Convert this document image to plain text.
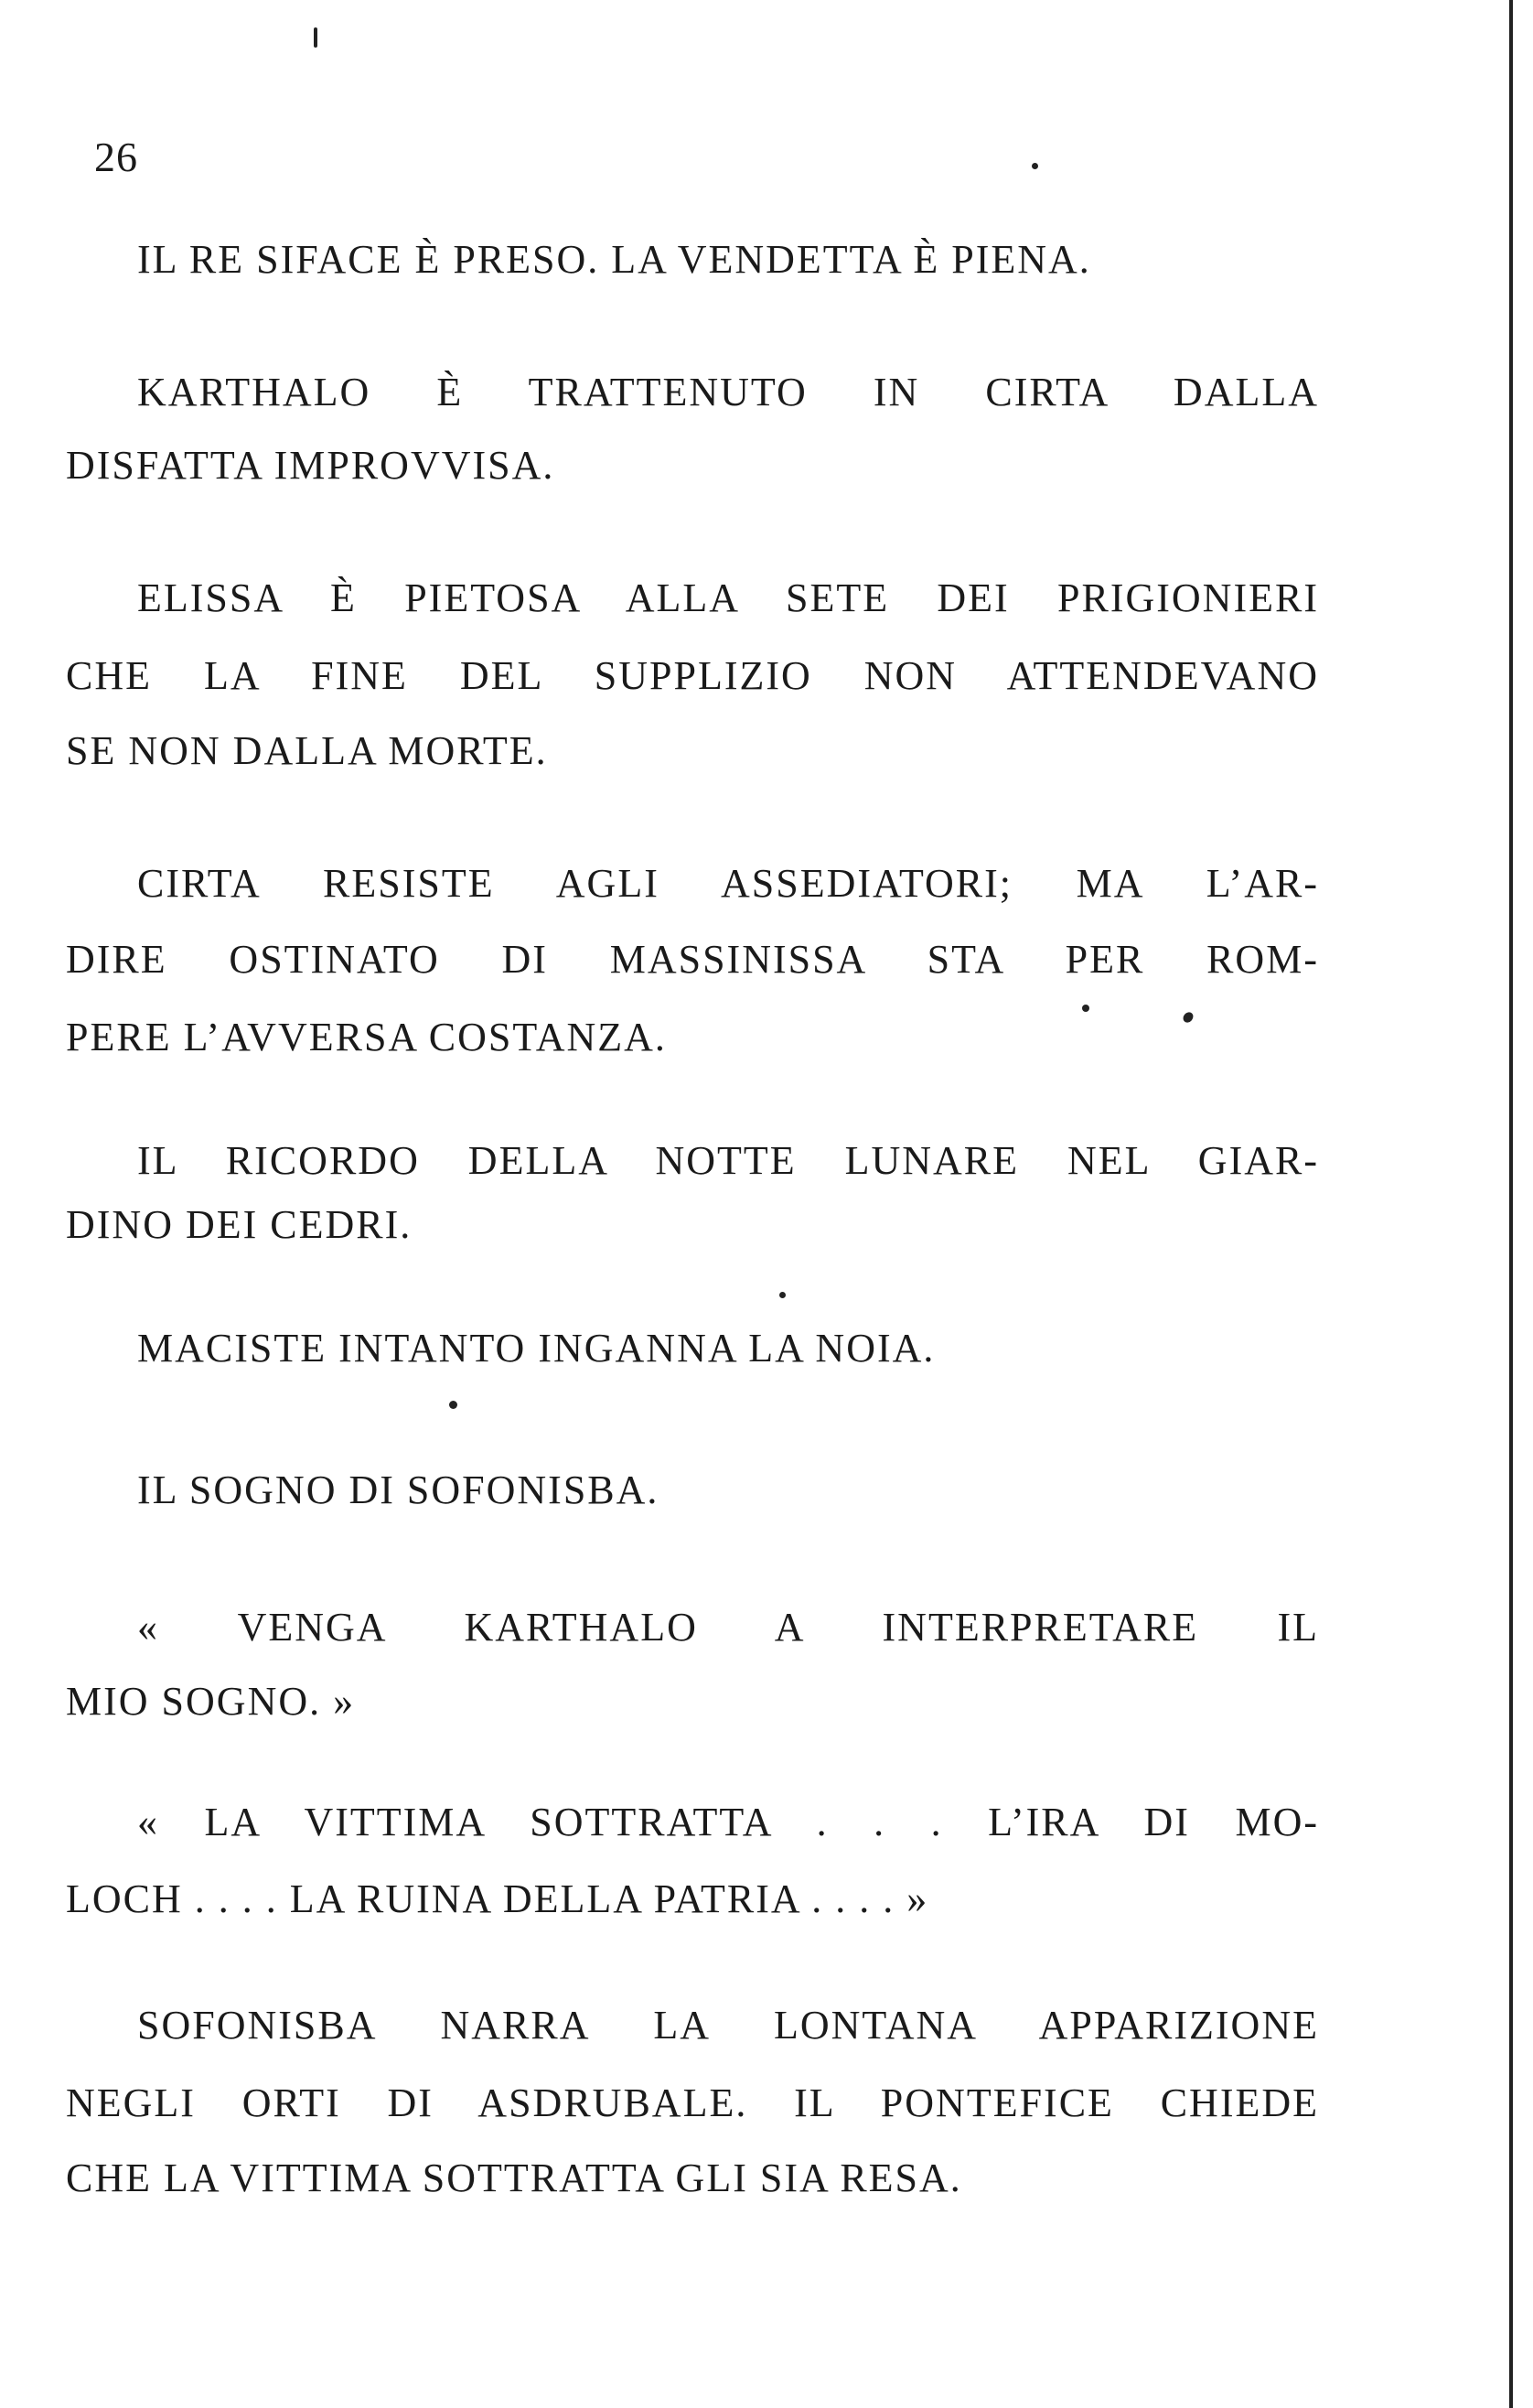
26
IL RE SIFACE È PRESO. LA VENDETTA È PIENA.
KARTHALO È TRATTENUTO IN CIRTA DALLA
DISFATTA IMPROVVISA.
ELISSA È PIETOSA ALLA SETE DEI PRIGIONIERI
CHE LA FINE DEL SUPPLIZIO NON ATTENDEVANO
SE NON DALLA MORTE.
CIRTA RESISTE AGLI ASSEDIATORI; MA L’AR-
DIRE OSTINATO DI MASSINISSA STA PER ROM-
PERE L’AVVERSA COSTANZA.
IL RICORDO DELLA NOTTE LUNARE NEL GIAR-
DINO DEI CEDRI.
MACISTE INTANTO INGANNA LA NOIA.
IL SOGNO DI SOFONISBA.
« VENGA KARTHALO A INTERPRETARE IL
MIO SOGNO. »
« LA VITTIMA SOTTRATTA . . . L’IRA DI MO-
LOCH . . . . LA RUINA DELLA PATRIA . . . . »
SOFONISBA NARRA LA LONTANA APPARIZIONE
NEGLI ORTI DI ASDRUBALE. IL PONTEFICE CHIEDE
CHE LA VITTIMA SOTTRATTA GLI SIA RESA.
